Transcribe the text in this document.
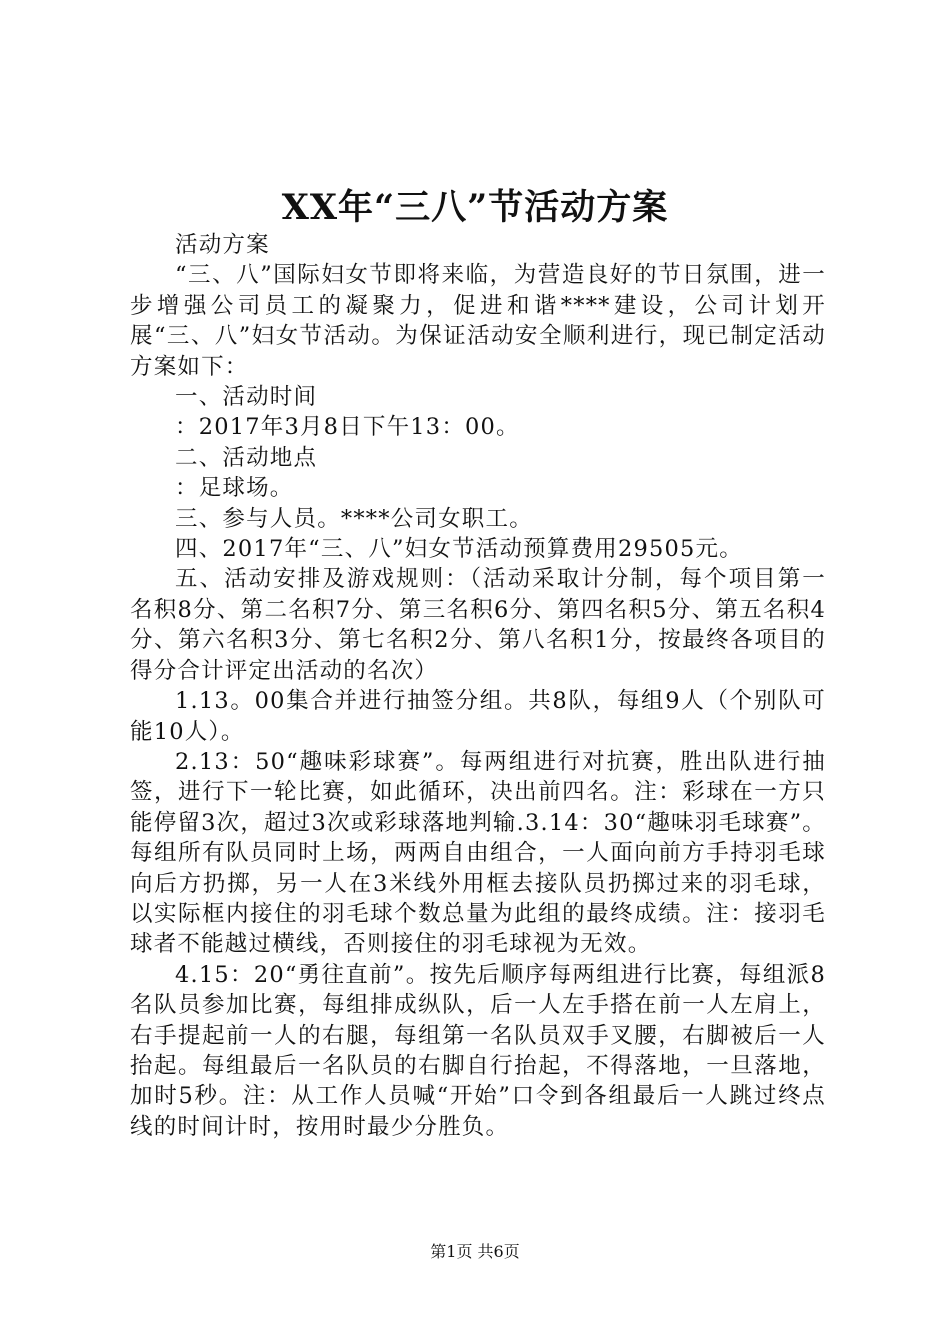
XX年“三八”节活动方案

活动方案

“三、八”国际妇女节即将来临，为营造良好的节日氛围，进一步增强公司员工的凝聚力，促进和谐****建设，公司计划开展“三、八”妇女节活动。为保证活动安全顺利进行，现已制定活动方案如下：

一、活动时间

：2017年3月8日下午13：00。

二、活动地点

：足球场。

三、参与人员。****公司女职工。

四、2017年“三、八”妇女节活动预算费用29505元。

五、活动安排及游戏规则：（活动采取计分制，每个项目第一名积8分、第二名积7分、第三名积6分、第四名积5分、第五名积4分、第六名积3分、第七名积2分、第八名积1分，按最终各项目的得分合计评定出活动的名次）

1.13。00集合并进行抽签分组。共8队，每组9人（个别队可能10人）。

2.13：50“趣味彩球赛”。每两组进行对抗赛，胜出队进行抽签，进行下一轮比赛，如此循环，决出前四名。注：彩球在一方只能停留3次，超过3次或彩球落地判输.3.14：30“趣味羽毛球赛”。每组所有队员同时上场，两两自由组合，一人面向前方手持羽毛球向后方扔掷，另一人在3米线外用框去接队员扔掷过来的羽毛球，以实际框内接住的羽毛球个数总量为此组的最终成绩。注：接羽毛球者不能越过横线，否则接住的羽毛球视为无效。

4.15：20“勇往直前”。按先后顺序每两组进行比赛，每组派8名队员参加比赛，每组排成纵队，后一人左手搭在前一人左肩上，右手提起前一人的右腿，每组第一名队员双手叉腰，右脚被后一人抬起。每组最后一名队员的右脚自行抬起，不得落地，一旦落地，加时5秒。注：从工作人员喊“开始”口令到各组最后一人跳过终点线的时间计时，按用时最少分胜负。

第1页 共6页
